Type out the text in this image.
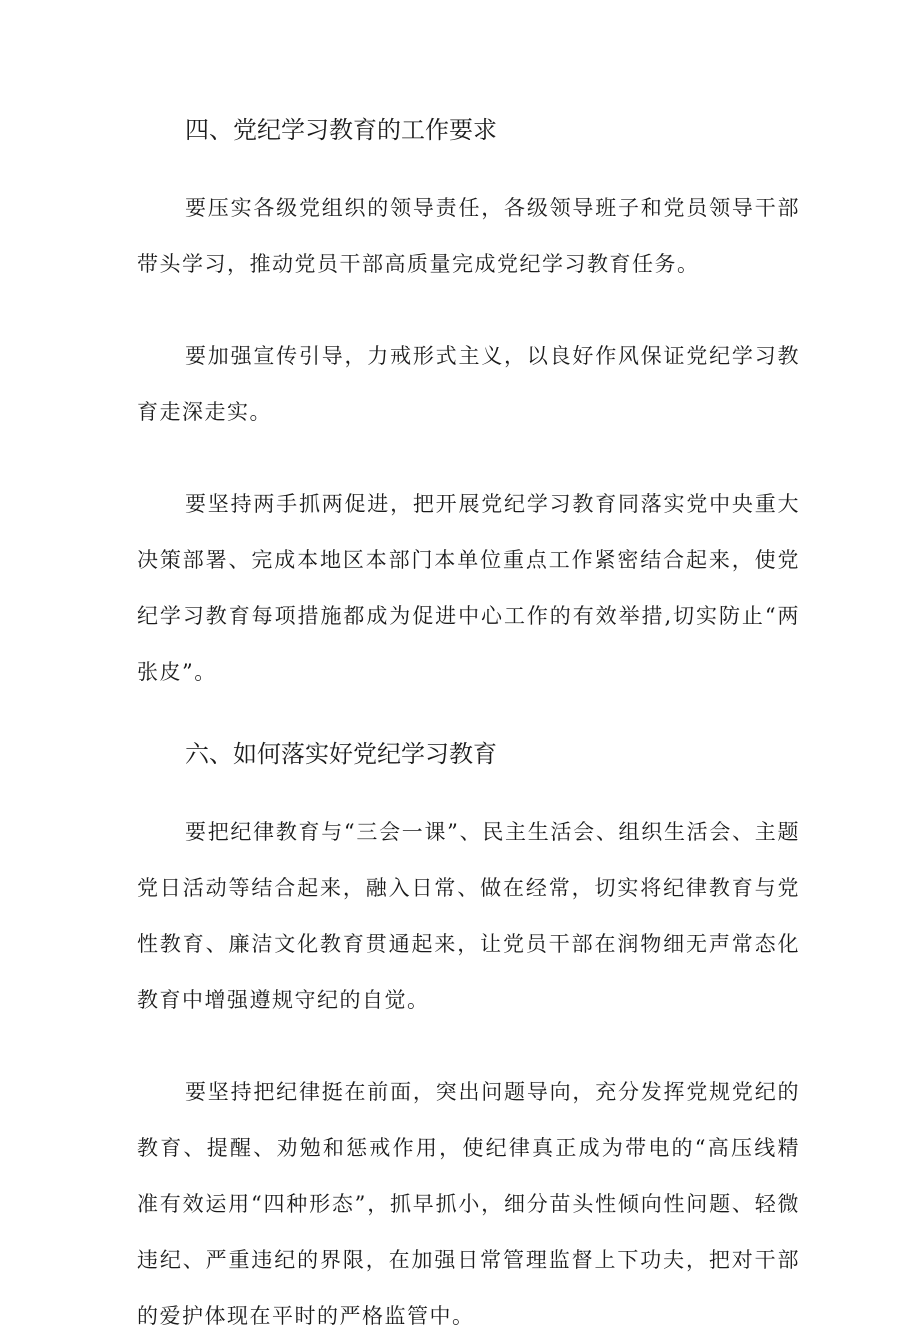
四、党纪学习教育的工作要求

要压实各级党组织的领导责任，各级领导班子和党员领导干部带头学习，推动党员干部高质量完成党纪学习教育任务。

要加强宣传引导，力戒形式主义，以良好作风保证党纪学习教育走深走实。

要坚持两手抓两促进，把开展党纪学习教育同落实党中央重大决策部署、完成本地区本部门本单位重点工作紧密结合起来，使党纪学习教育每项措施都成为促进中心工作的有效举措,切实防止“两张皮”。

六、如何落实好党纪学习教育

要把纪律教育与“三会一课”、民主生活会、组织生活会、主题党日活动等结合起来，融入日常、做在经常，切实将纪律教育与党性教育、廉洁文化教育贯通起来，让党员干部在润物细无声常态化教育中增强遵规守纪的自觉。

要坚持把纪律挺在前面，突出问题导向，充分发挥党规党纪的教育、提醒、劝勉和惩戒作用，使纪律真正成为带电的“高压线精准有效运用“四种形态”，抓早抓小，细分苗头性倾向性问题、轻微违纪、严重违纪的界限，在加强日常管理监督上下功夫，把对干部的爱护体现在平时的严格监管中。
